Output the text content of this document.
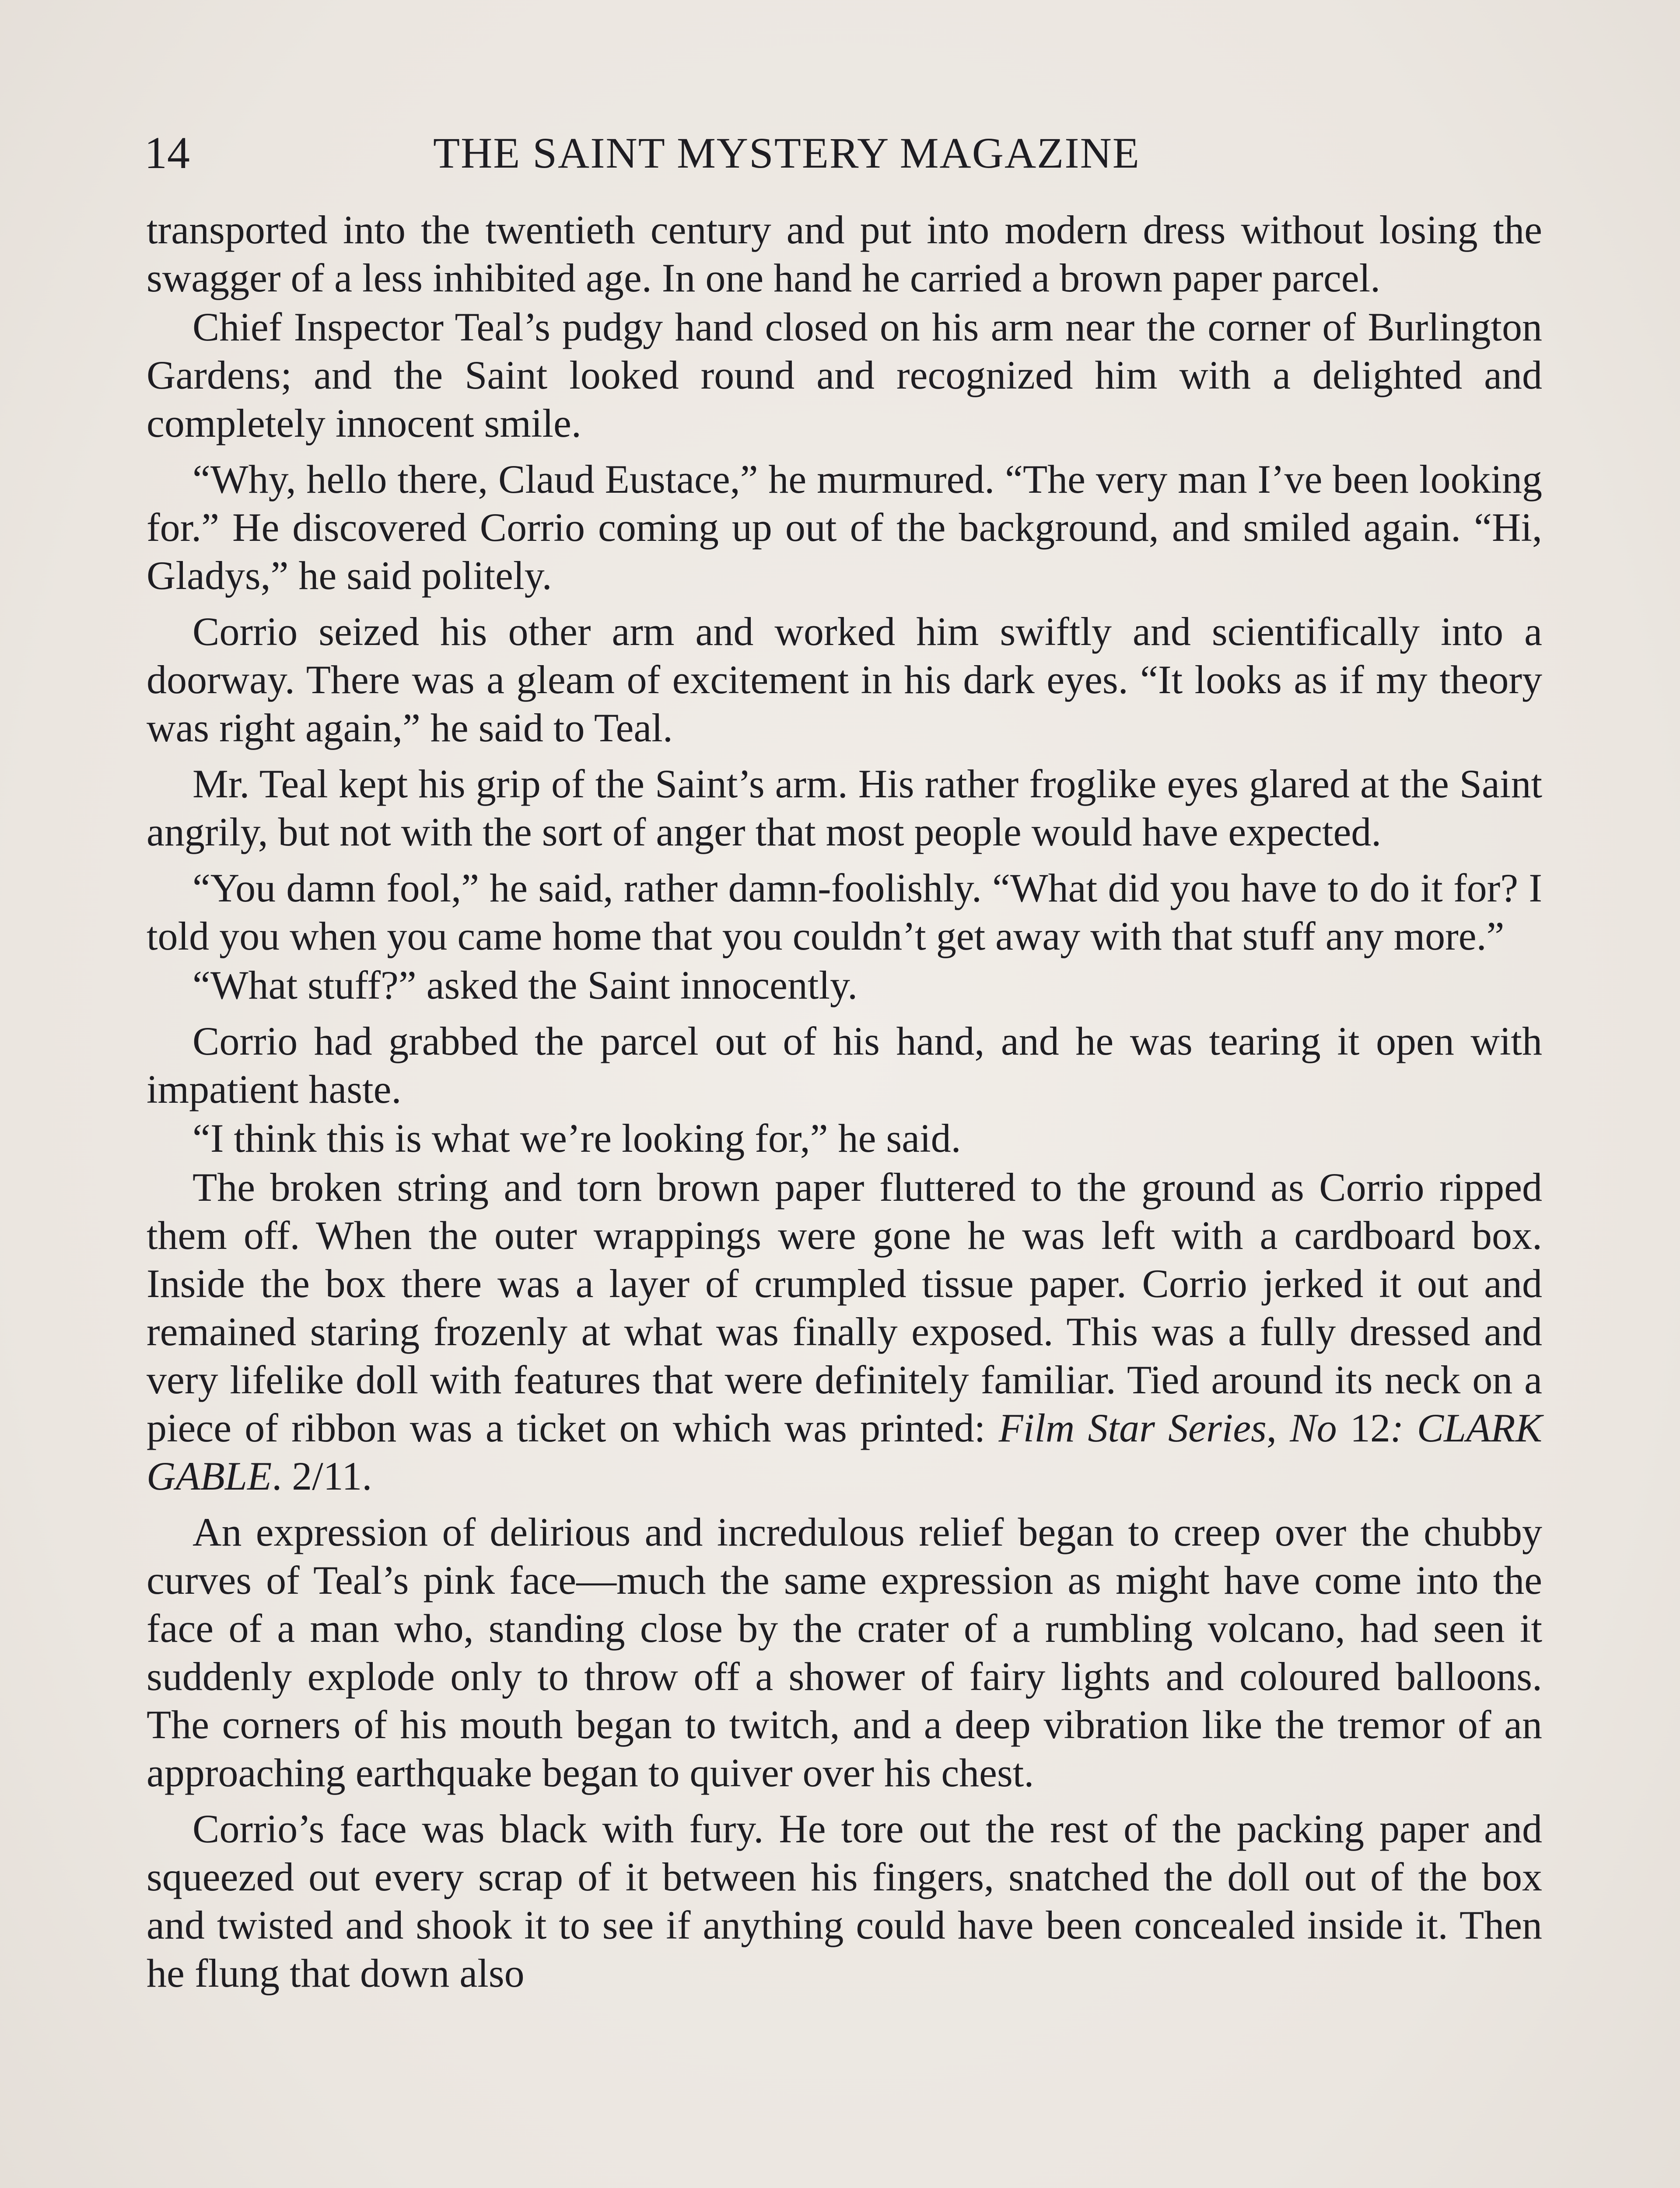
14	THE SAINT MYSTERY MAGAZINE

transported into the twentieth century and put into modern dress without losing the swagger of a less inhibited age. In one hand he carried a brown paper parcel.

Chief Inspector Teal’s pudgy hand closed on his arm near the corner of Burlington Gardens; and the Saint looked round and recognized him with a delighted and completely innocent smile.

“Why, hello there, Claud Eustace,” he murmured. “The very man I’ve been looking for.” He discovered Corrio coming up out of the background, and smiled again. “Hi, Gladys,” he said politely.

Corrio seized his other arm and worked him swiftly and scientifically into a doorway. There was a gleam of excitement in his dark eyes. “It looks as if my theory was right again,” he said to Teal.

Mr. Teal kept his grip of the Saint’s arm. His rather froglike eyes glared at the Saint angrily, but not with the sort of anger that most people would have expected.

“You damn fool,” he said, rather damn-foolishly. “What did you have to do it for? I told you when you came home that you couldn’t get away with that stuff any more.”

“What stuff?” asked the Saint innocently.

Corrio had grabbed the parcel out of his hand, and he was tearing it open with impatient haste.

“I think this is what we’re looking for,” he said.

The broken string and torn brown paper fluttered to the ground as Corrio ripped them off. When the outer wrappings were gone he was left with a cardboard box. Inside the box there was a layer of crumpled tissue paper. Corrio jerked it out and remained staring frozenly at what was finally exposed. This was a fully dressed and very lifelike doll with features that were definitely familiar. Tied around its neck on a piece of ribbon was a ticket on which was printed: Film Star Series, No 12: CLARK GABLE. 2/11.

An expression of delirious and incredulous relief began to creep over the chubby curves of Teal’s pink face—much the same expression as might have come into the face of a man who, standing close by the crater of a rumbling volcano, had seen it suddenly explode only to throw off a shower of fairy lights and coloured balloons. The corners of his mouth began to twitch, and a deep vibration like the tremor of an approaching earthquake began to quiver over his chest.

Corrio’s face was black with fury. He tore out the rest of the packing paper and squeezed out every scrap of it between his fingers, snatched the doll out of the box and twisted and shook it to see if anything could have been concealed inside it. Then he flung that down also
